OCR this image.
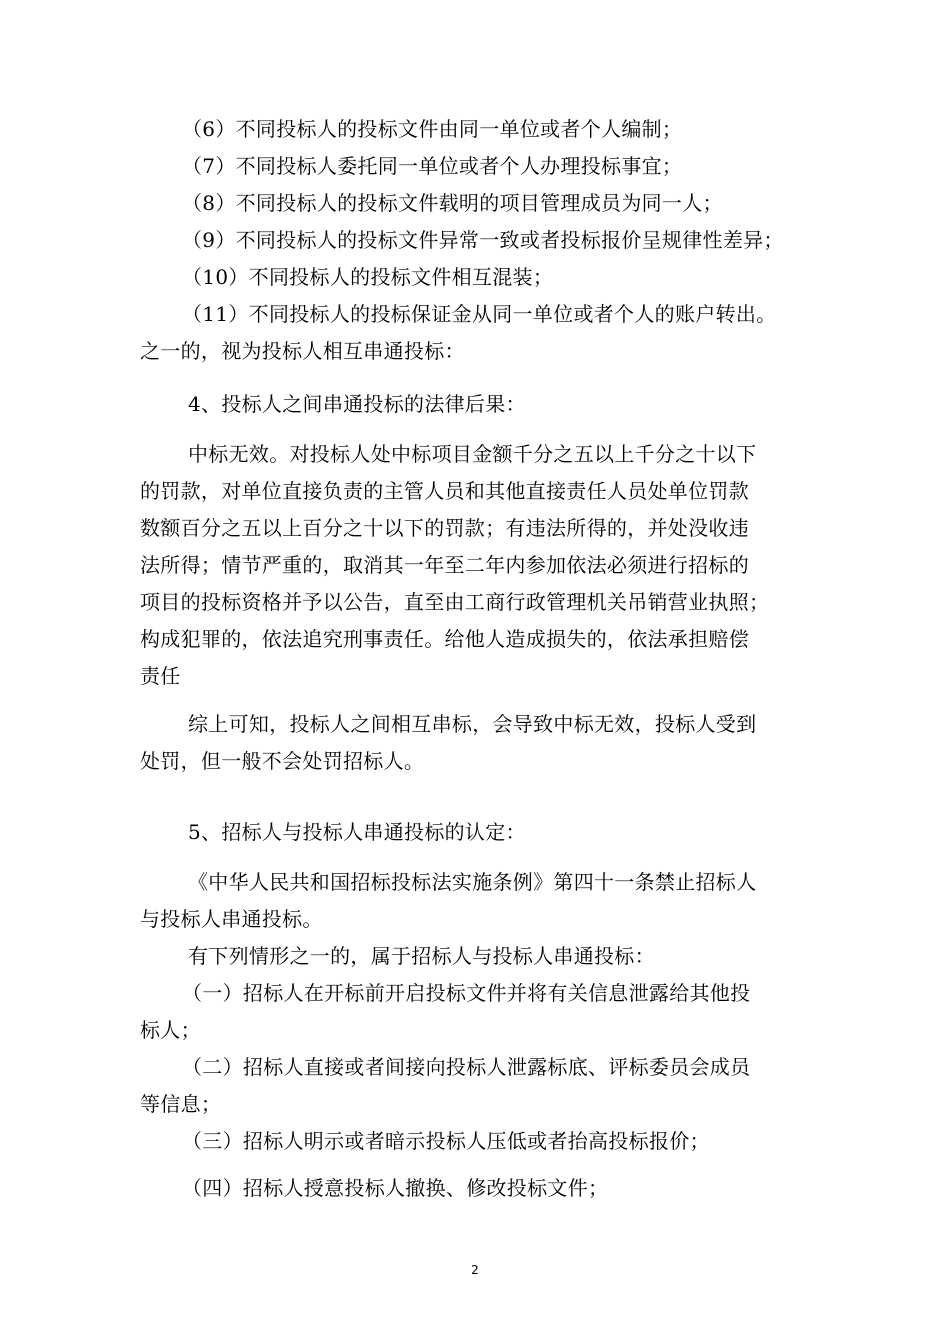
（6）不同投标人的投标文件由同一单位或者个人编制；
（7）不同投标人委托同一单位或者个人办理投标事宜；
（8）不同投标人的投标文件载明的项目管理成员为同一人；
（9）不同投标人的投标文件异常一致或者投标报价呈规律性差异；
（10）不同投标人的投标文件相互混装；
（11）不同投标人的投标保证金从同一单位或者个人的账户转出。
之一的，视为投标人相互串通投标：
4、投标人之间串通投标的法律后果：
中标无效。对投标人处中标项目金额千分之五以上千分之十以下
的罚款，对单位直接负责的主管人员和其他直接责任人员处单位罚款
数额百分之五以上百分之十以下的罚款；有违法所得的，并处没收违
法所得；情节严重的，取消其一年至二年内参加依法必须进行招标的
项目的投标资格并予以公告，直至由工商行政管理机关吊销营业执照；
构成犯罪的，依法追究刑事责任。给他人造成损失的，依法承担赔偿
责任
综上可知，投标人之间相互串标，会导致中标无效，投标人受到
处罚，但一般不会处罚招标人。
5、招标人与投标人串通投标的认定：
《中华人民共和国招标投标法实施条例》第四十一条禁止招标人
与投标人串通投标。
有下列情形之一的，属于招标人与投标人串通投标：
（一）招标人在开标前开启投标文件并将有关信息泄露给其他投
标人；
（二）招标人直接或者间接向投标人泄露标底、评标委员会成员
等信息；
（三）招标人明示或者暗示投标人压低或者抬高投标报价；
（四）招标人授意投标人撤换、修改投标文件；
2
